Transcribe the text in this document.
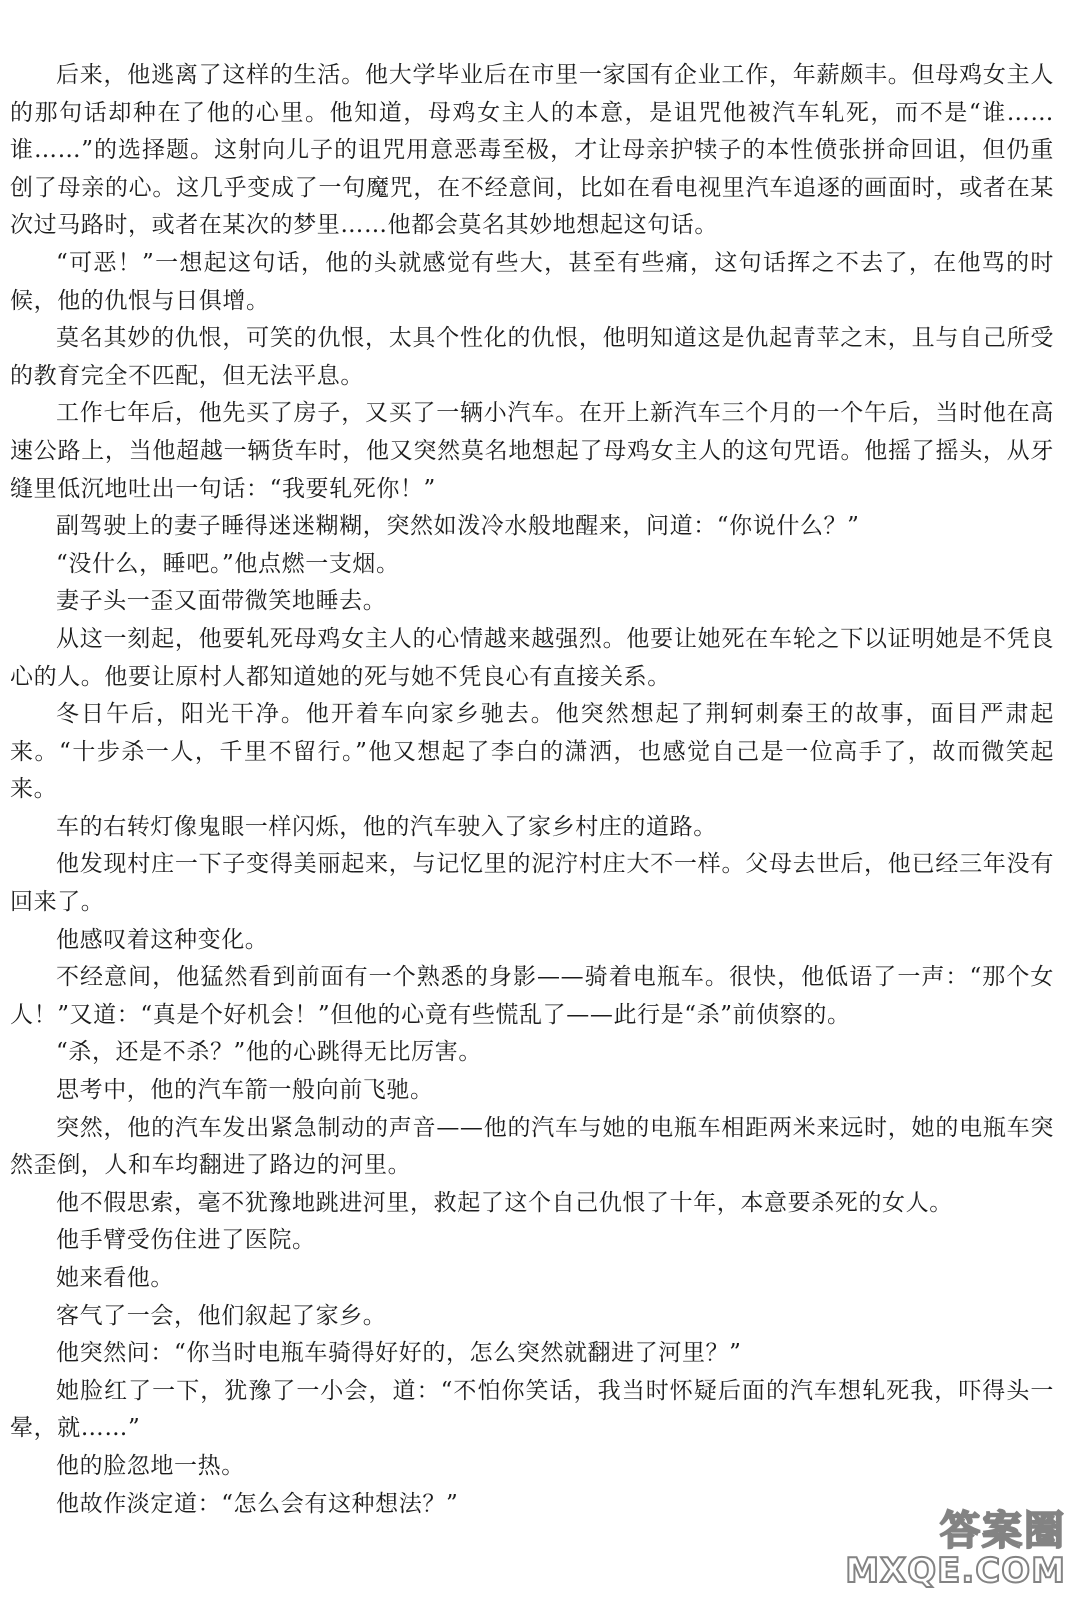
后来，他逃离了这样的生活。他大学毕业后在市里一家国有企业工作，年薪颇丰。但母鸡女主人的那句话却种在了他的心里。他知道，母鸡女主人的本意，是诅咒他被汽车轧死，而不是“谁……谁……”的选择题。这射向儿子的诅咒用意恶毒至极，才让母亲护犊子的本性偾张拼命回诅，但仍重创了母亲的心。这几乎变成了一句魔咒，在不经意间，比如在看电视里汽车追逐的画面时，或者在某次过马路时，或者在某次的梦里……他都会莫名其妙地想起这句话。

“可恶！”一想起这句话，他的头就感觉有些大，甚至有些痛，这句话挥之不去了，在他骂的时候，他的仇恨与日俱增。

莫名其妙的仇恨，可笑的仇恨，太具个性化的仇恨，他明知道这是仇起青苹之末，且与自己所受的教育完全不匹配，但无法平息。

工作七年后，他先买了房子，又买了一辆小汽车。在开上新汽车三个月的一个午后，当时他在高速公路上，当他超越一辆货车时，他又突然莫名地想起了母鸡女主人的这句咒语。他摇了摇头，从牙缝里低沉地吐出一句话：“我要轧死你！”

副驾驶上的妻子睡得迷迷糊糊，突然如泼冷水般地醒来，问道：“你说什么？”

“没什么，睡吧。”他点燃一支烟。

妻子头一歪又面带微笑地睡去。

从这一刻起，他要轧死母鸡女主人的心情越来越强烈。他要让她死在车轮之下以证明她是不凭良心的人。他要让原村人都知道她的死与她不凭良心有直接关系。

冬日午后，阳光干净。他开着车向家乡驰去。他突然想起了荆轲刺秦王的故事，面目严肃起来。“十步杀一人，千里不留行。”他又想起了李白的潇洒，也感觉自己是一位高手了，故而微笑起来。

车的右转灯像鬼眼一样闪烁，他的汽车驶入了家乡村庄的道路。

他发现村庄一下子变得美丽起来，与记忆里的泥泞村庄大不一样。父母去世后，他已经三年没有回来了。

他感叹着这种变化。

不经意间，他猛然看到前面有一个熟悉的身影——骑着电瓶车。很快，他低语了一声：“那个女人！”又道：“真是个好机会！”但他的心竟有些慌乱了——此行是“杀”前侦察的。

“杀，还是不杀？”他的心跳得无比厉害。

思考中，他的汽车箭一般向前飞驰。

突然，他的汽车发出紧急制动的声音——他的汽车与她的电瓶车相距两米来远时，她的电瓶车突然歪倒，人和车均翻进了路边的河里。

他不假思索，毫不犹豫地跳进河里，救起了这个自己仇恨了十年，本意要杀死的女人。

他手臂受伤住进了医院。

她来看他。

客气了一会，他们叙起了家乡。

他突然问：“你当时电瓶车骑得好好的，怎么突然就翻进了河里？”

她脸红了一下，犹豫了一小会，道：“不怕你笑话，我当时怀疑后面的汽车想轧死我，吓得头一晕，就……”

他的脸忽地一热。

他故作淡定道：“怎么会有这种想法？”

答案圈
MXQE.COM
